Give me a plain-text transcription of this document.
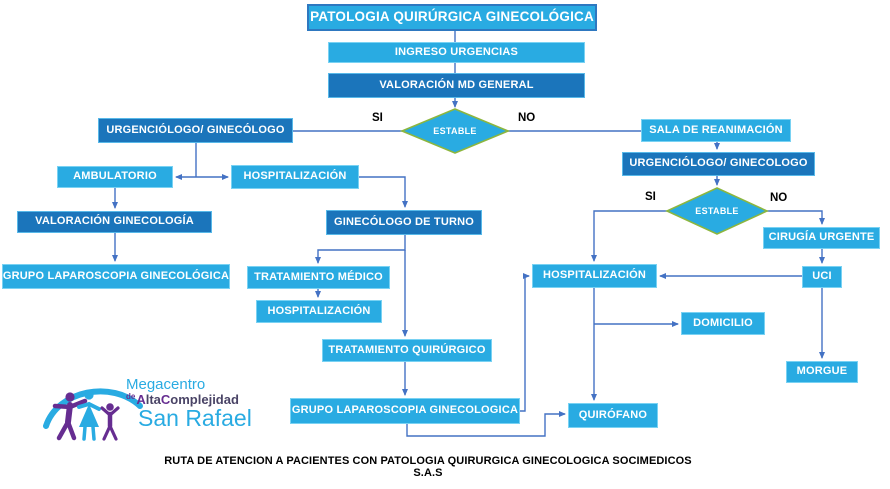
PATOLOGIA QUIRÚRGICA GINECOLÓGICA
INGRESO URGENCIAS
VALORACIÓN MD GENERAL
ESTABLE
SI	NO
URGENCIÓLOGO/ GINECÓLOGO
AMBULATORIO	HOSPITALIZACIÓN
VALORACIÓN GINECOLOGÍA
GRUPO LAPAROSCOPIA GINECOLÓGICA
GINECÓLOGO DE TURNO
TRATAMIENTO MÉDICO
HOSPITALIZACIÓN
TRATAMIENTO QUIRÚRGICO
GRUPO LAPAROSCOPIA GINECOLOGICA	QUIRÓFANO
SALA DE REANIMACIÓN
URGENCIÓLOGO/ GINECOLOGO
ESTABLE
SI	NO
CIRUGÍA URGENTE
HOSPITALIZACIÓN	UCI
DOMICILIO
MORGUE
Megacentro
$^{de}$AltaComplejidad
San Rafael
RUTA DE ATENCION A PACIENTES CON PATOLOGIA QUIRURGICA GINECOLOGICA SOCIMEDICOS S.A.S
